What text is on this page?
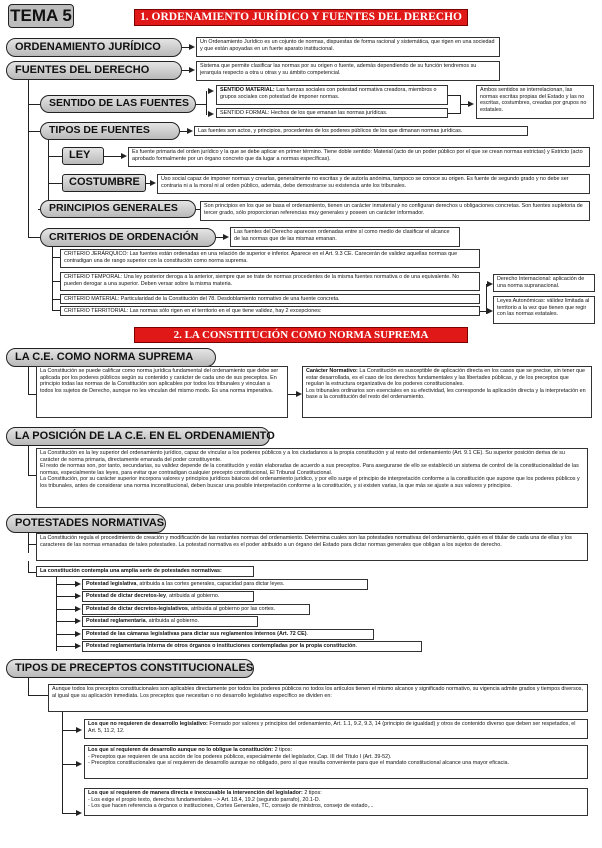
TEMA 5	1. ORDENAMIENTO JURÍDICO Y FUENTES DEL DERECHO
ORDENAMIENTO JURÍDICO	Un Ordenamiento Jurídico es un cojunto de normas, dispuestas de forma racional y sistemática, que rigen en una sociedad y que están apoyadas en un fuerte aparato institucional.
FUENTES DEL DERECHO	Sistema que permite clasificar las normas por su origen o fuente, además dependiendo de su función tendremos su jerarquía respecto a otra u otras y su ámbito competencial.
SENTIDO DE LAS FUENTES
SENTIDO MATERIAL: Las fuerzas sociales con potestad normativa creadora, miembros o grupos sociales con potestad de imponer normas.
SENTIDO FORMAL: Hechos de los que emanan las normas jurídicas.
Ambos sentidos se interrelacionan, las normas escritas propias del Estado y las no escritas, costumbres, creadas por grupos no estatales.
TIPOS DE FUENTES	Las fuentes son actos, y principios, procedentes de los poderes públicos de los que dimanan normas jurídicas.
LEY	Es fuente primaria del orden jurídico y la que se debe aplicar en primer término. Tiene doble sentido: Material (acto de un poder público por el que se crean normas estrictas) y Estricto (acto aprobado formalmente por un órgano concreto que da lugar a normas específicas).
COSTUMBRE	Uso social capaz de imponer normas y crearlas, generalmente no escritas y de autoría anónima, tampoco se conoce su origen. Es fuente de segundo grado y no debe ser contraria ni a la moral ni al orden público, además, debe demostrarse su existencia ante los tribunales.
PRINCIPIOS GENERALES	Son principios en los que se basa el ordenamiento, tienen un carácter inmaterial y no configuran derechos u obligaciones concretas. Son fuentes supletoria de tercer grado, sólo proporcionan referencias muy generales y poseen un carácter informador.
CRITERIOS DE ORDENACIÓN	Las fuentes del Derecho aparecen ordenadas entre sí como medio de clasificar el alcance de las normas que de las mismas emanan.
CRITERIO JERÁRQUICO: Las fuentes están ordenadas en una relación de superior e inferior. Aparece en el Art. 9.3 CE. Carecerán de validez aquellas normas que contradigan una de rango superior con la constitución como norma suprema.
CRITERIO TEMPORAL: Una ley posterior deroga a la anterior, siempre que se trate de normas procedentes de la misma fuentes normativa o de una equivalente. No pueden derogar a una superior. Deben versar sobre la misma materia.
CRITERIO MATERIAL: Particularidad de la Constitución del 78. Desdoblamiento normativo de una fuente concreta.
CRITERIO TERRITORIAL: Las normas sólo rigen en el territorio en el que tiene validez, hay 2 excepciones:
Derecho Internacional: aplicación de una norma supranacional.
Leyes Autonómicas: válidez limitada al territorio a la vez que tienen que regir con las normas estatales.
2. LA CONSTITUCIÓN COMO NORMA SUPREMA
LA C.E. COMO NORMA SUPREMA
La Constitución se puede calificar como norma jurídica fundamental del ordenamiento que debe ser aplicada por los poderes públicos según su contenido y carácter de cada uno de sus preceptos. En principio todas las normas de la Constitución son aplicables por todos los tribunales y vinculan a todos los sujetos de Derecho, aunque no les vinculan del mismo modo. Es una norma imperativa.
Carácter Normativo: La Constitución es susceptible de aplicación directa en los casos que se precise, sin tener que estar desarrollada, es el caso de los derechos fundamentales y las libertades públicas, y de los preceptos que regulan la estructura organizativa de los poderes constitucionales.
Los tribunales ordinarios son esenciales en su efectividad, les corresponde la aplicación directa y la interpretación en base a la constitución del resto del ordenamiento.
LA POSICIÓN DE LA C.E. EN EL ORDENAMIENTO
La Constitución es la ley superior del ordenamiento jurídico, capaz de vincular a los poderes públicos y a los ciudadanos a la propia constitución y al resto del ordenamiento (Art. 9.1 CE). Su superior posición deriva de su carácter de norma primaria, directamente emanada del poder constituyente.
El resto de normas son, por tanto, secundarias, su validez depende de la constitución y están elaboradas de acuerdo a sus preceptos. Para asegurarse de ello se estableció un sistema de control de la constitucionalidad de las normas, especialmente las leyes, para evitar que contradigan cualquier precepto constitucional, El Tribunal Constitucional.
La Constitución, por su carácter superior incorpora valores y principios jurídicos básicos del ordenamiento jurídico, y por ello surge el principio de interpretación conforme a la constitución que supone que los poderes públicos y los tribunales, antes de considerar una norma inconstitucional, deben buscar una posible interpretación conforme a la constitución, y si existen varias, la que más se ajuste a sus valores y principios.
POTESTADES NORMATIVAS
La Constitución regula el procedimiento de creación y modificación de las restantes normas del ordenamiento. Determina cuales son las potestades normativas del ordenamiento, quién es el titular de cada una de ellas y los caracteres de las normas emanadas de tales potestades. La potestad normativa es el poder atribuido a un órgano del Estado para dictar normas generales que obligan a los sujetos de derecho.
La constitución contempla una amplia serie de potestades normativas:
Potestad legislativa, atribuida a las cortes generales, capacidad para dictar leyes.
Potestad de dictar decretos-ley, atribuida al gobierno.
Potestad de dictar decretos-legislativos, atribuida al gobierno por las cortes.
Potestad reglamentaria, atribuida al gobierno.
Potestad de las cámaras legislativas para dictar sus reglamentos internos (Art. 72 CE).
Potestad reglamentaria interna de otros órganos o instituciones contempladas por la propia constitución.
TIPOS DE PRECEPTOS CONSTITUCIONALES
Aunque todos los preceptos constitucionales son aplicables directamente por todos los poderes públicos no todos los artículos tienen el mismo alcance y significado normativo, su vigencia admite grados y tiempos diversos, al igual que su aplicación inmediata. Los preceptos que necesitan o no desarrollo legislativo específico se dividen en:
Los que no requieren de desarrollo legislativo: Formado por valores y principios del ordenamiento, Art. 1.1, 9.2, 9.3, 14 (principio de igualdad) y otros de contenido diverso que deben ser respetados, el Art. 5, 11.2, 12.
Los que sí requieren de desarrollo aunque no lo obligue la constitución: 2 tipos:
- Preceptos que requieren de una acción de los poderes públicos, especialmente del legislador, Cap. III del Título I (Art. 39-52).
- Preceptos constitucionales que sí requieren de desarrollo aunque no obligado, pero sí que resulta conveniente para que el mandato constitucional alcance una mayor eficacia.
Los que sí requieren de manera directa e inexcusable la intervención del legislador: 2 tipos:
- Los exige el propio texto, derechos fundamentales --> Art. 18.4, 19.2 (segundo parrafo), 20.1-D.
- Los que hacen referencia a órganos o instituciones, Cortes Generales, TC, consejo de ministros, consejo de estado,...
